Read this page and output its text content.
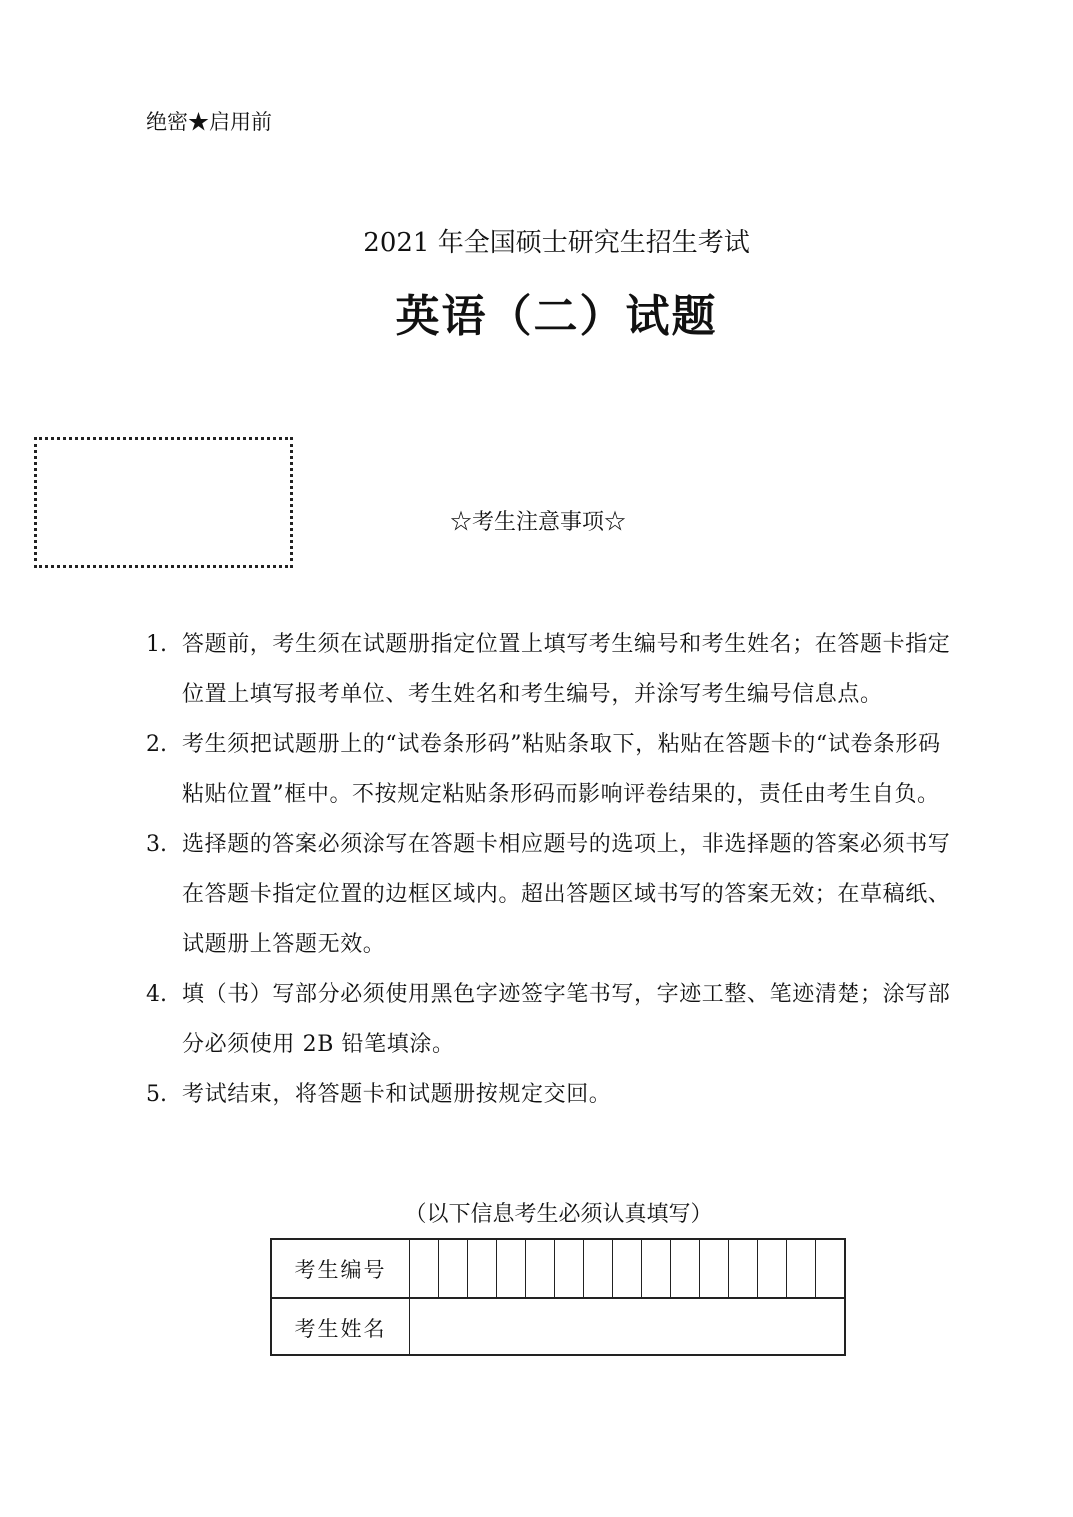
绝密★启用前
2021 年全国硕士研究生招生考试
英语（二）试题
☆考生注意事项☆
1. 答题前，考生须在试题册指定位置上填写考生编号和考生姓名；在答题卡指定位置上填写报考单位、考生姓名和考生编号，并涂写考生编号信息点。
2. 考生须把试题册上的“试卷条形码”粘贴条取下，粘贴在答题卡的“试卷条形码粘贴位置”框中。不按规定粘贴条形码而影响评卷结果的，责任由考生自负。
3. 选择题的答案必须涂写在答题卡相应题号的选项上，非选择题的答案必须书写在答题卡指定位置的边框区域内。超出答题区域书写的答案无效；在草稿纸、试题册上答题无效。
4. 填（书）写部分必须使用黑色字迹签字笔书写，字迹工整、笔迹清楚；涂写部分必须使用 2B 铅笔填涂。
5. 考试结束，将答题卡和试题册按规定交回。
（以下信息考生必须认真填写）
考生编号
考生姓名
